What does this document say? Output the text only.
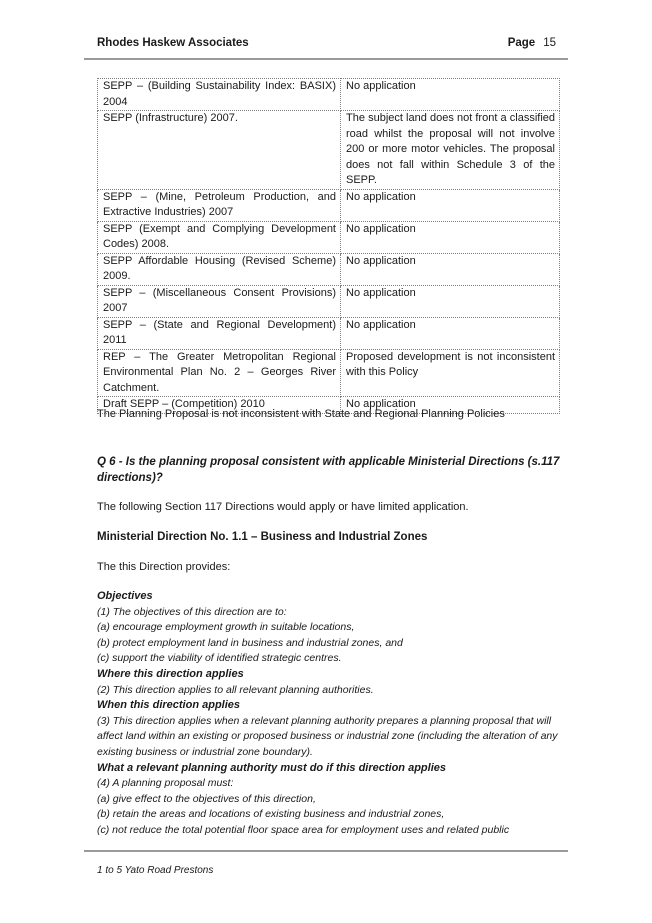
Rhodes Haskew Associates	Page 15
SEPP – (Building Sustainability Index: BASIX) 2004	No application
SEPP (Infrastructure) 2007.	The subject land does not front a classified road whilst the proposal will not involve 200 or more motor vehicles. The proposal does not fall within Schedule 3 of the SEPP.
SEPP – (Mine, Petroleum Production, and Extractive Industries) 2007	No application
SEPP (Exempt and Complying Development Codes) 2008.	No application
SEPP Affordable Housing (Revised Scheme) 2009.	No application
SEPP – (Miscellaneous Consent Provisions) 2007	No application
SEPP – (State and Regional Development) 2011	No application
REP – The Greater Metropolitan Regional Environmental Plan No. 2 – Georges River Catchment.	Proposed development is not inconsistent with this Policy
Draft SEPP – (Competition) 2010	No application
The Planning Proposal is not inconsistent with State and Regional Planning Policies
Q 6 - Is the planning proposal consistent with applicable Ministerial Directions (s.117 directions)?
The following Section 117 Directions would apply or have limited application.
Ministerial Direction No. 1.1 – Business and Industrial Zones
The this Direction provides:
Objectives
(1) The objectives of this direction are to:
(a) encourage employment growth in suitable locations,
(b) protect employment land in business and industrial zones, and
(c) support the viability of identified strategic centres.
Where this direction applies
(2) This direction applies to all relevant planning authorities.
When this direction applies
(3) This direction applies when a relevant planning authority prepares a planning proposal that will affect land within an existing or proposed business or industrial zone (including the alteration of any existing business or industrial zone boundary).
What a relevant planning authority must do if this direction applies
(4) A planning proposal must:
(a) give effect to the objectives of this direction,
(b) retain the areas and locations of existing business and industrial zones,
(c) not reduce the total potential floor space area for employment uses and related public
1 to 5 Yato Road Prestons
